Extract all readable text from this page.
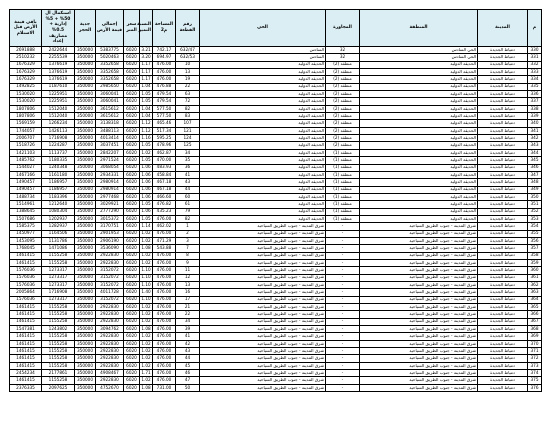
م	المدينة	المنطقة	المجاورة	الحي	رقم القطعة	المساحة م2	النسبة التميز	سعر المتر	إجمالي قيمة الأرض	جدية الحجز	استكمال ال 50% + 5% إدارية + 0.5% مصاريف إعداد	باقي قيمة الأرض قبل الاستلام
330	دمياط الجديدة	الحي السادس	32	السادس	632/47	742.17	3.21	6020	5383775	350000	2422644	2691888
331	دمياط الجديدة	الحي السادس	32	السادس	632/53	694.97	3.20	6020	5020463	350000	2255539	2510232
332	دمياط الجديدة	الحديقة الدولية	منطقة (2)	الحديقة الدولية	10	476.00	1.17	6020	3352658	350000	1376619	1676329
333	دمياط الجديدة	الحديقة الدولية	منطقة (2)	الحديقة الدولية	13	476.00	1.17	6020	3352658	350000	1376619	1676329
334	دمياط الجديدة	الحديقة الدولية	منطقة (2)	الحديقة الدولية	19	476.00	1.17	6020	3352658	350000	1376619	1676329
335	دمياط الجديدة	الحديقة الدولية	منطقة (2)	الحديقة الدولية	22	476.88	1.04	6020	2985650	350000	1187610	1492825
336	دمياط الجديدة	الحديقة الدولية	منطقة (2)	الحديقة الدولية	63	479.54	1.05	6020	3060041	350000	1225951	1530020
337	دمياط الجديدة	الحديقة الدولية	منطقة (2)	الحديقة الدولية	72	479.54	1.05	6020	3060041	350000	1225951	1530020
338	دمياط الجديدة	الحديقة الدولية	منطقة (2)	الحديقة الدولية	82	577.50	1.04	6020	3615612	350000	1512040	1807806
339	دمياط الجديدة	الحديقة الدولية	منطقة (2)	الحديقة الدولية	83	577.50	1.04	6020	3615612	350000	1512040	1807806
340	دمياط الجديدة	الحديقة الدولية	منطقة (2)	الحديقة الدولية	107	465.46	1.12	6020	3138318	350000	1266234	1569159
341	دمياط الجديدة	الحديقة الدولية	منطقة (2)	الحديقة الدولية	121	517.34	1.12	6020	3488113	350000	1426113	1744057
342	دمياط الجديدة	الحديقة الدولية	منطقة (2)	الحديقة الدولية	124	595.25	1.16	6020	4013414	350000	1716908	2006707
343	دمياط الجديدة	الحديقة الدولية	منطقة (2)	الحديقة الدولية	125	478.96	1.05	6020	3037451	350000	1224287	1518726
344	دمياط الجديدة	الحديقة الدولية	منطقة (1)	الحديقة الدولية	34	462.87	1.02	6020	2842207	350000	1113737	1421103
345	دمياط الجديدة	الحديقة الدولية	منطقة (1)	الحديقة الدولية	35	470.00	1.05	6020	2971524	350000	1180335	1485762
346	دمياط الجديدة	الحديقة الدولية	منطقة (1)	الحديقة الدولية	36	483.93	1.06	6020	3068054	350000	1240348	1544027
347	دمياط الجديدة	الحديقة الدولية	منطقة (1)	الحديقة الدولية	41	458.84	1.06	6020	2934331	350000	1161180	1467166
348	دمياط الجديدة	الحديقة الدولية	منطقة (1)	الحديقة الدولية	43	467.18	1.06	6020	2980914	350000	1186957	1490457
349	دمياط الجديدة	الحديقة الدولية	منطقة (1)	الحديقة الدولية	44	467.18	1.06	6020	2980914	350000	1186957	1490457
350	دمياط الجديدة	الحديقة الدولية	منطقة (1)	الحديقة الدولية	60	466.60	1.06	6020	2977468	350000	1183396	1488734
351	دمياط الجديدة	الحديقة الدولية	منطقة (1)	الحديقة الدولية	61	476.82	1.05	6020	3029921	350000	1212640	1514961
352	دمياط الجديدة	الحديقة الدولية	منطقة (1)	الحديقة الدولية	79	435.23	1.06	6020	2777290	350000	1080304	1388645
353	دمياط الجديدة	الحديقة الدولية	منطقة (1)	الحديقة الدولية	82	476.00	1.05	6020	3015372	350000	1202937	1507686
354	دمياط الجديدة	شرق المدينة - جنوب الطريق السياحية	-	شرق المدينة - جنوب الطريق السياحية	1	462.02	1.14	6020	3170751	350000	1282937	1585375
355	دمياط الجديدة	شرق المدينة - جنوب الطريق السياحية	-	شرق المدينة - جنوب الطريق السياحية	2	476.00	1.02	6020	2901953	350000	1164506	1450977
356	دمياط الجديدة	شرق المدينة - جنوب الطريق السياحية	-	شرق المدينة - جنوب الطريق السياحية	3	471.29	1.02	6020	2906190	350000	1131786	1453095
357	دمياط الجديدة	شرق المدينة - جنوب الطريق السياحية	-	شرق المدينة - جنوب الطريق السياحية	7	543.88	1.08	6020	3536090	350000	1471086	1768045
358	دمياط الجديدة	شرق المدينة - جنوب الطريق السياحية	-	شرق المدينة - جنوب الطريق السياحية	8	476.00	1.02	6020	2922830	350000	1155258	1461415
359	دمياط الجديدة	شرق المدينة - جنوب الطريق السياحية	-	شرق المدينة - جنوب الطريق السياحية	9	476.00	1.02	6020	2922830	350000	1155258	1461415
360	دمياط الجديدة	شرق المدينة - جنوب الطريق السياحية	-	شرق المدينة - جنوب الطريق السياحية	11	476.00	1.10	6020	3152072	350000	1273317	1576036
361	دمياط الجديدة	شرق المدينة - جنوب الطريق السياحية	-	شرق المدينة - جنوب الطريق السياحية	12	476.00	1.10	6020	3152072	350000	1273317	1576036
362	دمياط الجديدة	شرق المدينة - جنوب الطريق السياحية	-	شرق المدينة - جنوب الطريق السياحية	13	476.00	1.10	6020	3152072	350000	1273317	1576036
363	دمياط الجديدة	شرق المدينة - جنوب الطريق السياحية	-	شرق المدينة - جنوب الطريق السياحية	16	476.00	1.40	6020	4011728	350000	1716908	2005864
364	دمياط الجديدة	شرق المدينة - جنوب الطريق السياحية	-	شرق المدينة - جنوب الطريق السياحية	17	476.00	1.10	6020	3152072	350000	1273317	1576036
365	دمياط الجديدة	شرق المدينة - جنوب الطريق السياحية	-	شرق المدينة - جنوب الطريق السياحية	21	476.00	1.02	6020	2922830	350000	1155258	1461415
366	دمياط الجديدة	شرق المدينة - جنوب الطريق السياحية	-	شرق المدينة - جنوب الطريق السياحية	22	476.00	1.02	6020	2922830	350000	1155258	1461415
367	دمياط الجديدة	شرق المدينة - جنوب الطريق السياحية	-	شرق المدينة - جنوب الطريق السياحية	34	476.00	1.02	6020	2922830	350000	1155258	1461415
368	دمياط الجديدة	شرق المدينة - جنوب الطريق السياحية	-	شرق المدينة - جنوب الطريق السياحية	39	476.00	1.08	6020	3094762	350000	1243802	1547381
369	دمياط الجديدة	شرق المدينة - جنوب الطريق السياحية	-	شرق المدينة - جنوب الطريق السياحية	41	476.00	1.02	6020	2922830	350000	1155258	1461415
370	دمياط الجديدة	شرق المدينة - جنوب الطريق السياحية	-	شرق المدينة - جنوب الطريق السياحية	42	476.00	1.02	6020	2922830	350000	1155258	1461415
371	دمياط الجديدة	شرق المدينة - جنوب الطريق السياحية	-	شرق المدينة - جنوب الطريق السياحية	43	476.00	1.02	6020	2922830	350000	1155258	1461415
372	دمياط الجديدة	شرق المدينة - جنوب الطريق السياحية	-	شرق المدينة - جنوب الطريق السياحية	44	476.00	1.02	6020	2922830	350000	1155258	1461415
373	دمياط الجديدة	شرق المدينة - جنوب الطريق السياحية	-	شرق المدينة - جنوب الطريق السياحية	45	476.00	1.02	6020	2922830	350000	1155258	1461415
374	دمياط الجديدة	شرق المدينة - جنوب الطريق السياحية	-	شرق المدينة - جنوب الطريق السياحية	46	476.00	1.71	6020	4908467	350000	2177861	2454234
375	دمياط الجديدة	شرق المدينة - جنوب الطريق السياحية	-	شرق المدينة - جنوب الطريق السياحية	47	476.00	1.02	6020	2922830	350000	1155258	1461415
376	دمياط الجديدة	شرق المدينة - جنوب الطريق السياحية	-	شرق المدينة - جنوب الطريق السياحية	50	731.00	1.08	6020	4752670	350000	2097625	2376335
